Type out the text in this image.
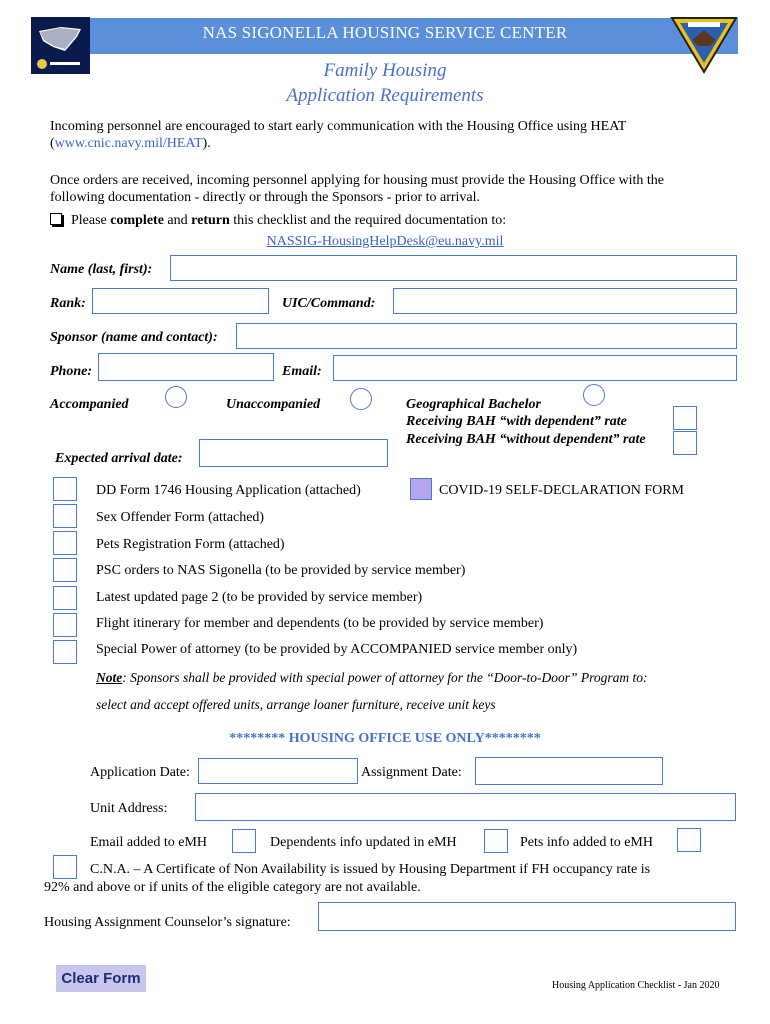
NAS SIGONELLA HOUSING SERVICE CENTER
Family Housing
Application Requirements
Incoming personnel are encouraged to start early communication with the Housing Office using HEAT
(www.cnic.navy.mil/HEAT).
Once orders are received, incoming personnel applying for housing must provide the Housing Office with the
following documentation - directly or through the Sponsors - prior to arrival.
Please complete and return this checklist and the required documentation to:
NASSIG-HousingHelpDesk@eu.navy.mil
Name (last, first):
Rank:	UIC/Command:
Sponsor (name and contact):
Phone:	Email:
Accompanied	Unaccompanied	Geographical Bachelor
Receiving BAH “with dependent” rate
Receiving BAH “without dependent” rate
Expected arrival date:
DD Form 1746 Housing Application (attached)	COVID-19 SELF-DECLARATION FORM
Sex Offender Form (attached)
Pets Registration Form (attached)
PSC orders to NAS Sigonella (to be provided by service member)
Latest updated page 2 (to be provided by service member)
Flight itinerary for member and dependents (to be provided by service member)
Special Power of attorney (to be provided by ACCOMPANIED service member only)
Note: Sponsors shall be provided with special power of attorney for the “Door-to-Door” Program to:
select and accept offered units, arrange loaner furniture, receive unit keys
******** HOUSING OFFICE USE ONLY********
Application Date:	Assignment Date:
Unit Address:
Email added to eMH	Dependents info updated in eMH	Pets info added to eMH
C.N.A. – A Certificate of Non Availability is issued by Housing Department if FH occupancy rate is
92% and above or if units of the eligible category are not available.
Housing Assignment Counselor’s signature:
Clear Form	Housing Application Checklist - Jan 2020
